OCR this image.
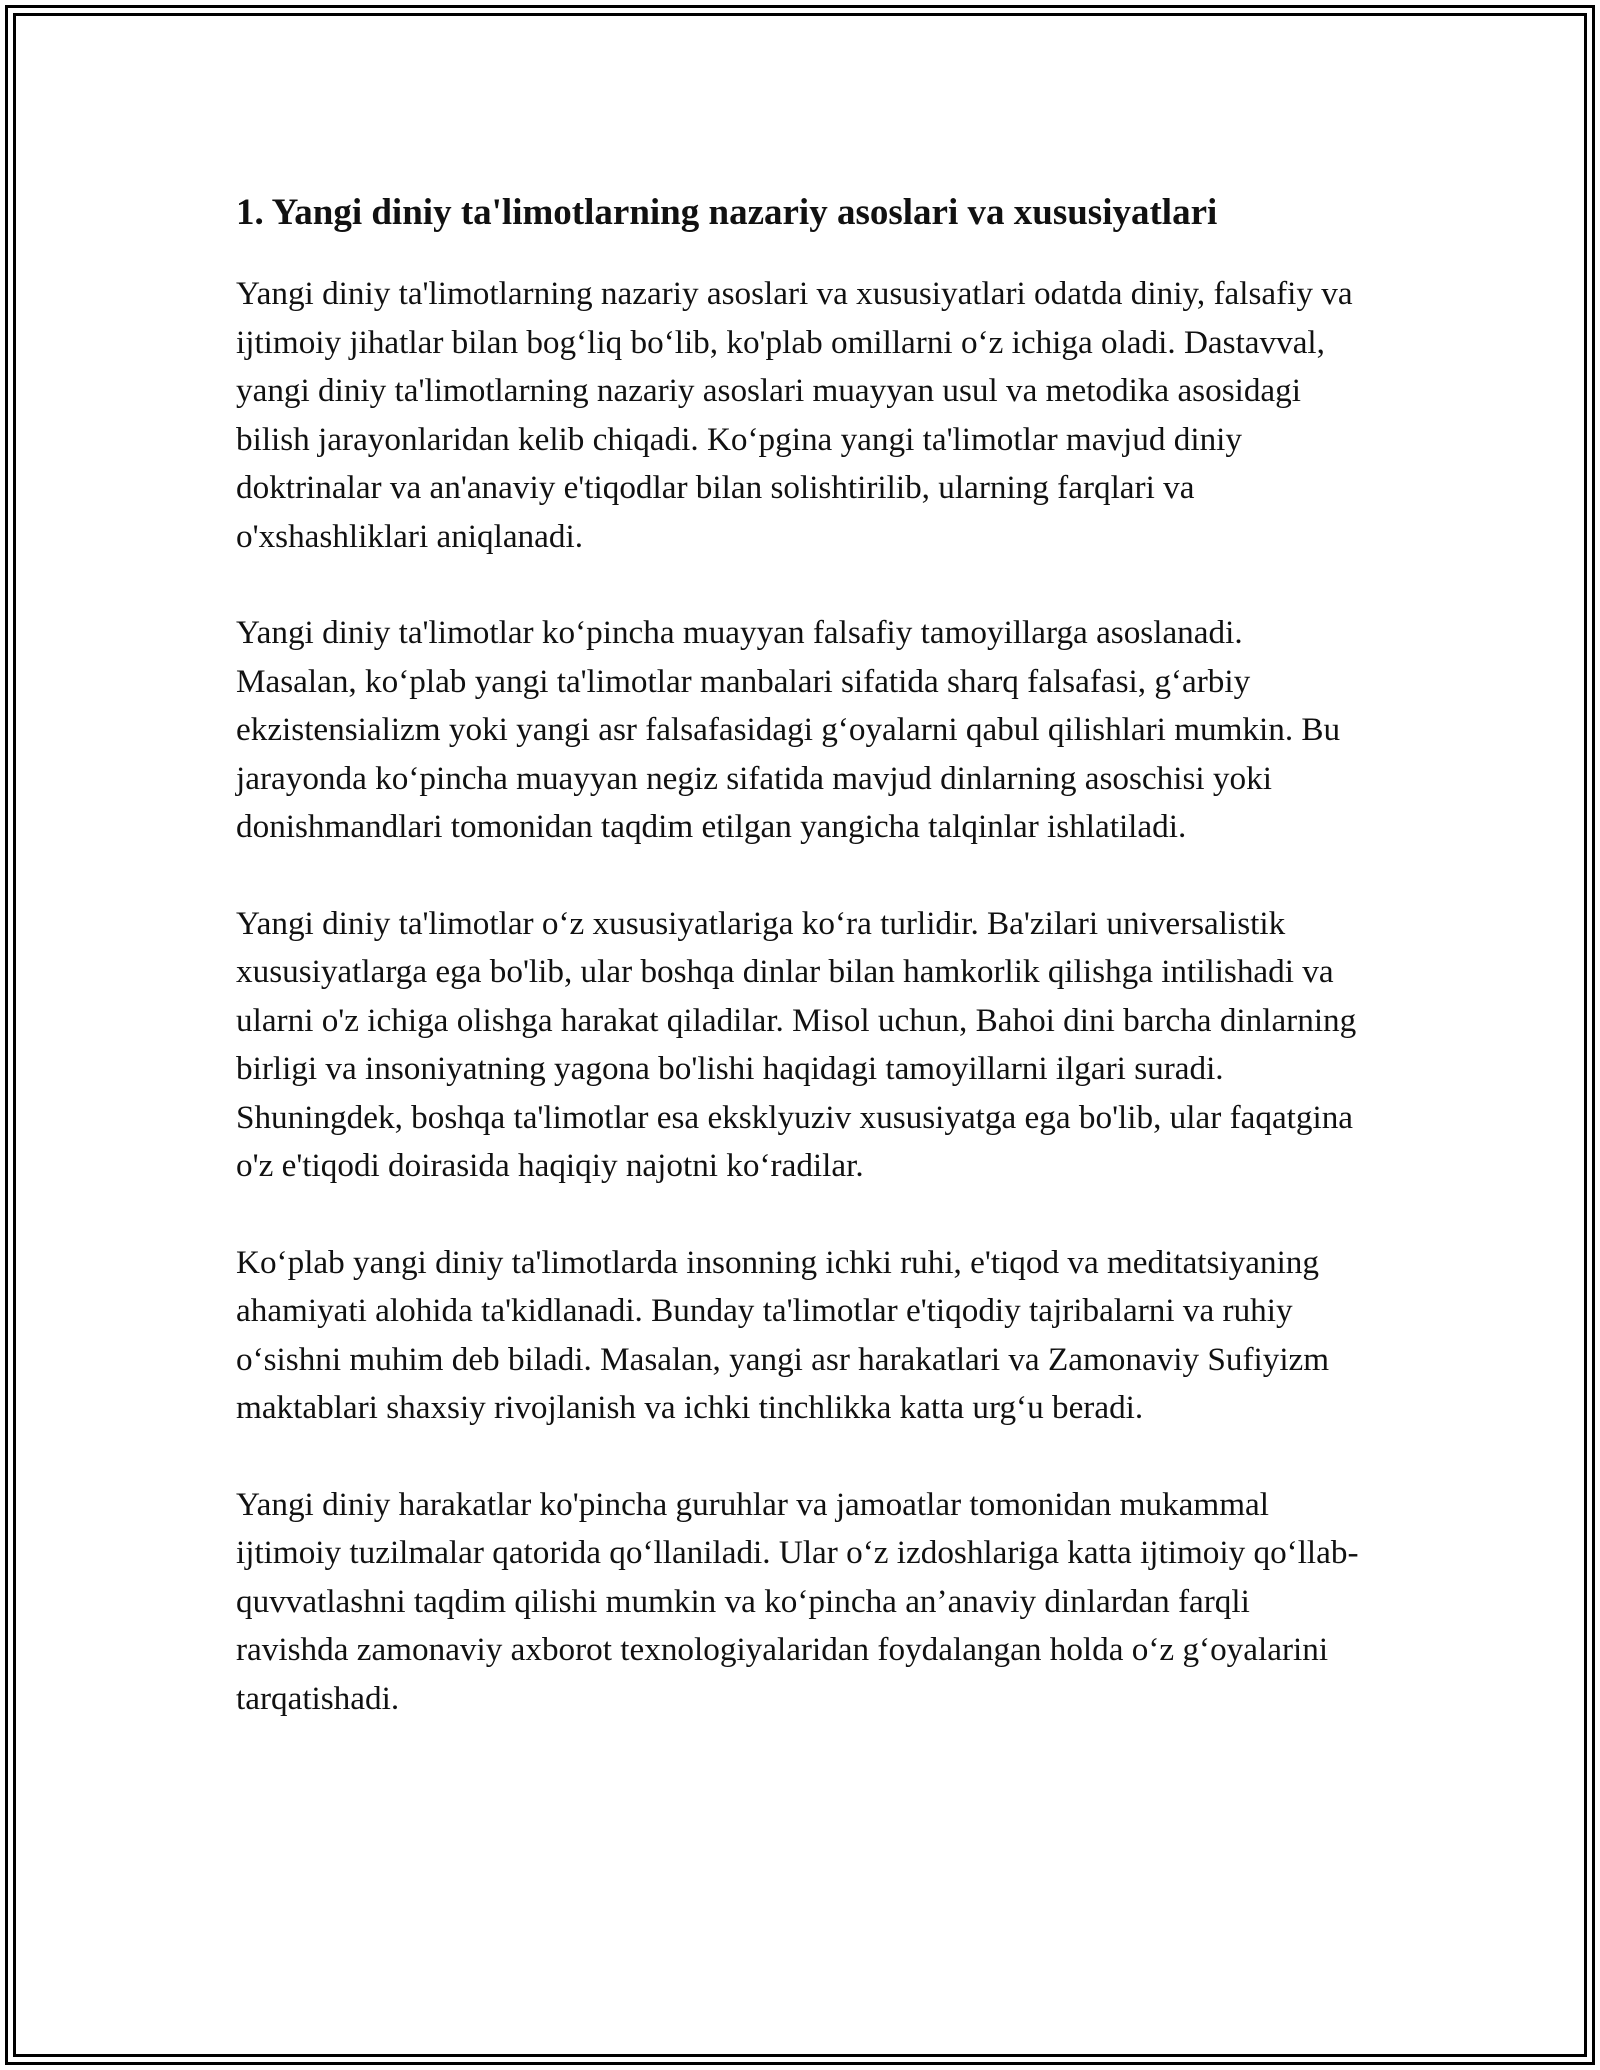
1. Yangi diniy ta'limotlarning nazariy asoslari va xususiyatlari

Yangi diniy ta'limotlarning nazariy asoslari va xususiyatlari odatda diniy, falsafiy va ijtimoiy jihatlar bilan bog‘liq bo‘lib, ko'plab omillarni o‘z ichiga oladi. Dastavval, yangi diniy ta'limotlarning nazariy asoslari muayyan usul va metodika asosidagi bilish jarayonlaridan kelib chiqadi. Ko‘pgina yangi ta'limotlar mavjud diniy doktrinalar va an'anaviy e'tiqodlar bilan solishtirilib, ularning farqlari va o'xshashliklari aniqlanadi.

Yangi diniy ta'limotlar ko‘pincha muayyan falsafiy tamoyillarga asoslanadi. Masalan, ko‘plab yangi ta'limotlar manbalari sifatida sharq falsafasi, g‘arbiy ekzistensializm yoki yangi asr falsafasidagi g‘oyalarni qabul qilishlari mumkin. Bu jarayonda ko‘pincha muayyan negiz sifatida mavjud dinlarning asoschisi yoki donishmandlari tomonidan taqdim etilgan yangicha talqinlar ishlatiladi.

Yangi diniy ta'limotlar o‘z xususiyatlariga ko‘ra turlidir. Ba'zilari universalistik xususiyatlarga ega bo'lib, ular boshqa dinlar bilan hamkorlik qilishga intilishadi va ularni o'z ichiga olishga harakat qiladilar. Misol uchun, Bahoi dini barcha dinlarning birligi va insoniyatning yagona bo'lishi haqidagi tamoyillarni ilgari suradi. Shuningdek, boshqa ta'limotlar esa eksklyuziv xususiyatga ega bo'lib, ular faqatgina o'z e'tiqodi doirasida haqiqiy najotni ko‘radilar.

Ko‘plab yangi diniy ta'limotlarda insonning ichki ruhi, e'tiqod va meditatsiyaning ahamiyati alohida ta'kidlanadi. Bunday ta'limotlar e'tiqodiy tajribalarni va ruhiy o‘sishni muhim deb biladi. Masalan, yangi asr harakatlari va Zamonaviy Sufiyizm maktablari shaxsiy rivojlanish va ichki tinchlikka katta urg‘u beradi.

Yangi diniy harakatlar ko'pincha guruhlar va jamoatlar tomonidan mukammal ijtimoiy tuzilmalar qatorida qo‘llaniladi. Ular o‘z izdoshlariga katta ijtimoiy qo‘llab-quvvatlashni taqdim qilishi mumkin va ko‘pincha an’anaviy dinlardan farqli ravishda zamonaviy axborot texnologiyalaridan foydalangan holda o‘z g‘oyalarini tarqatishadi.
